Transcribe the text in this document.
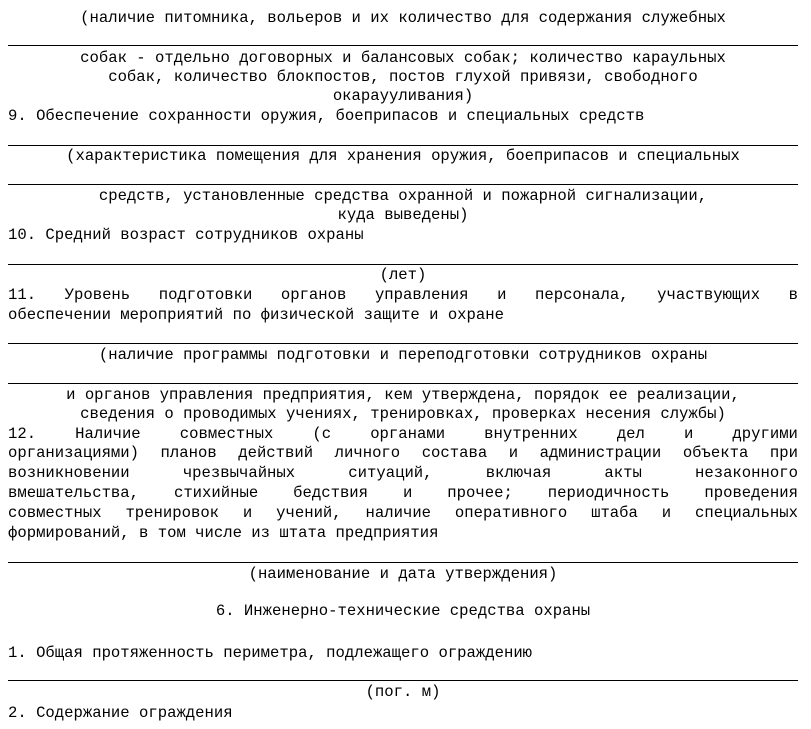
(наличие питомника, вольеров и их количество для содержания служебных
собак - отдельно договорных и балансовых собак; количество караульных
собак, количество блокпостов, постов глухой привязи, свободного
окараууливания)
9. Обеспечение сохранности оружия, боеприпасов и специальных средств
(характеристика помещения для хранения оружия, боеприпасов и специальных
средств, установленные средства охранной и пожарной сигнализации,
куда выведены)
10. Средний возраст сотрудников охраны
(лет)
11. Уровень подготовки органов управления и персонала, участвующих в
обеспечении мероприятий по физической защите и охране
(наличие программы подготовки и переподготовки сотрудников охраны
и органов управления предприятия, кем утверждена, порядок ее реализации,
сведения о проводимых учениях, тренировках, проверках несения службы)
12.	Наличие	совместных	(с	органами	внутренних	дел	и	другими
организациями) планов действий личного состава и администрации объекта при
возникновении	чрезвычайных	ситуаций,	включая	акты	незаконного
вмешательства, стихийные бедствия и прочее; периодичность проведения
совместных тренировок и учений, наличие оперативного штаба и специальных
формирований, в том числе из штата предприятия
(наименование и дата утверждения)
6. Инженерно-технические средства охраны
1. Общая протяженность периметра, подлежащего ограждению
(пог. м)
2. Содержание ограждения
